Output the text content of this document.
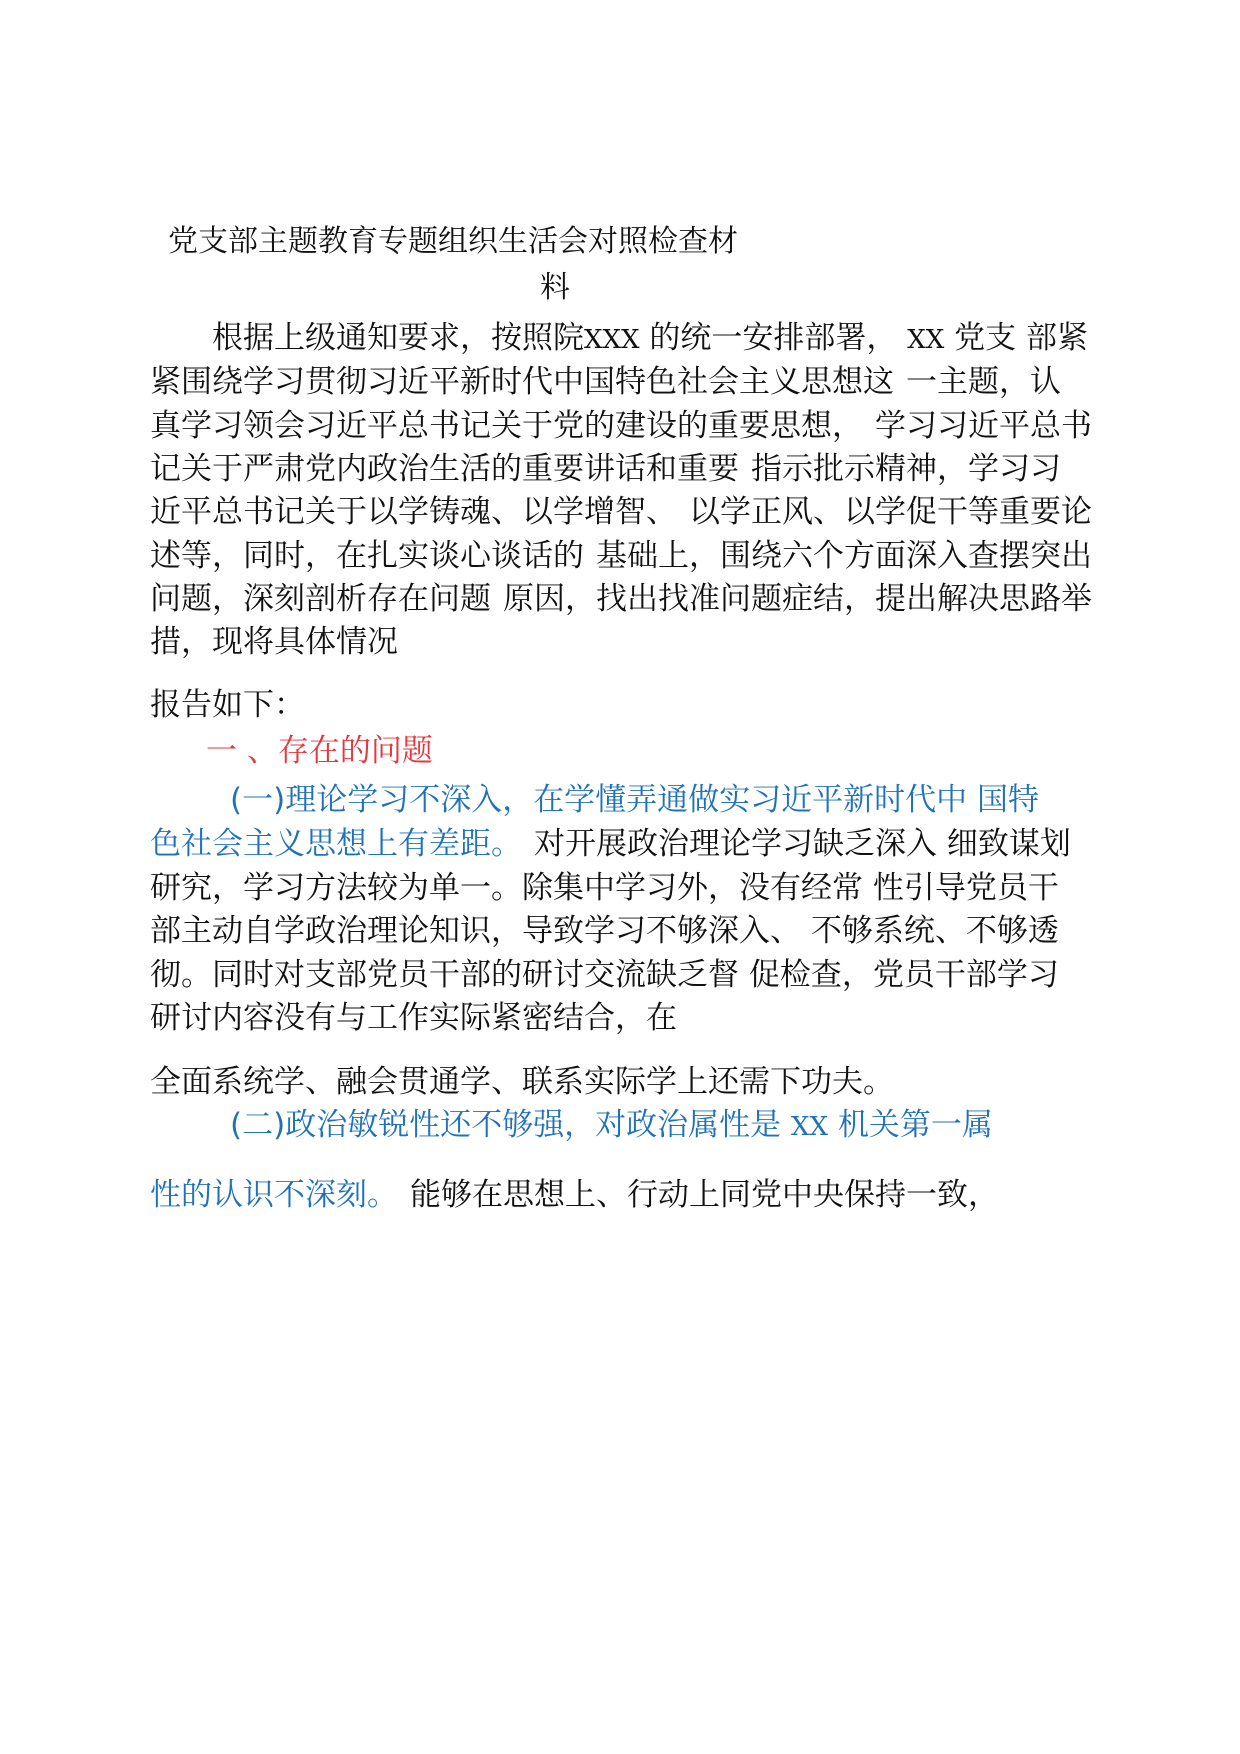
党支部主题教育专题组织生活会对照检查材
料
根据上级通知要求，按照院XXX 的统一安排部署， XX 党支 部紧
紧围绕学习贯彻习近平新时代中国特色社会主义思想这 一主题，认
真学习领会习近平总书记关于党的建设的重要思想， 学习习近平总书
记关于严肃党内政治生活的重要讲话和重要 指示批示精神，学习习
近平总书记关于以学铸魂、以学增智、 以学正风、以学促干等重要论
述等，同时，在扎实谈心谈话的 基础上，围绕六个方面深入查摆突出
问题，深刻剖析存在问题 原因，找出找准问题症结，提出解决思路举
措，现将具体情况
报告如下：
一 、存在的问题
(一)理论学习不深入，在学懂弄通做实习近平新时代中 国特
色社会主义思想上有差距。 对开展政治理论学习缺乏深入 细致谋划
研究，学习方法较为单一。除集中学习外，没有经常 性引导党员干
部主动自学政治理论知识，导致学习不够深入、 不够系统、不够透
彻。同时对支部党员干部的研讨交流缺乏督 促检查，党员干部学习
研讨内容没有与工作实际紧密结合，在
全面系统学、融会贯通学、联系实际学上还需下功夫。
(二)政治敏锐性还不够强，对政治属性是 XX 机关第一属
性的认识不深刻。 能够在思想上、行动上同党中央保持一致，
